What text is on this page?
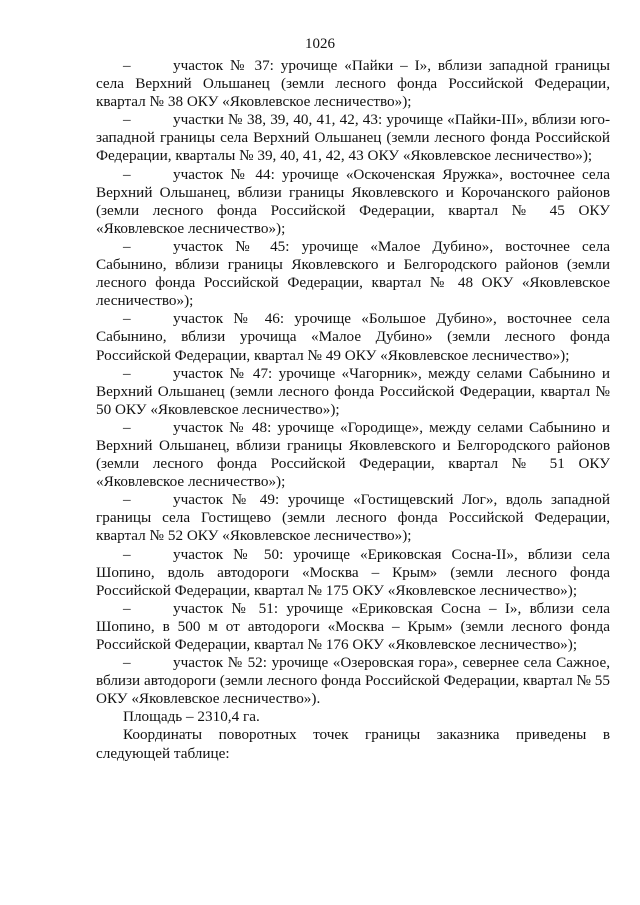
1026

–	участок № 37: урочище «Пайки – I», вблизи западной границы села Верхний Ольшанец (земли лесного фонда Российской Федерации, квартал № 38 ОКУ «Яковлевское лесничество»);

–	участки № 38, 39, 40, 41, 42, 43: урочище «Пайки-III», вблизи юго-западной границы села Верхний Ольшанец (земли лесного фонда Российской Федерации, кварталы № 39, 40, 41, 42, 43 ОКУ «Яковлевское лесничество»);

–	участок № 44: урочище «Оскоченская Яружка», восточнее села Верхний Ольшанец, вблизи границы Яковлевского и Корочанского районов (земли лесного фонда Российской Федерации, квартал № 45 ОКУ «Яковлевское лесничество»);

–	участок № 45: урочище «Малое Дубино», восточнее села Сабынино, вблизи границы Яковлевского и Белгородского районов (земли лесного фонда Российской Федерации, квартал № 48 ОКУ «Яковлевское лесничество»);

–	участок № 46: урочище «Большое Дубино», восточнее села Сабынино, вблизи урочища «Малое Дубино» (земли лесного фонда Российской Федерации, квартал № 49 ОКУ «Яковлевское лесничество»);

–	участок № 47: урочище «Чагорник», между селами Сабынино и Верхний Ольшанец (земли лесного фонда Российской Федерации, квартал № 50 ОКУ «Яковлевское лесничество»);

–	участок № 48: урочище «Городище», между селами Сабынино и Верхний Ольшанец, вблизи границы Яковлевского и Белгородского районов (земли лесного фонда Российской Федерации, квартал № 51 ОКУ «Яковлевское лесничество»);

–	участок № 49: урочище «Гостищевский Лог», вдоль западной границы села Гостищево (земли лесного фонда Российской Федерации, квартал № 52 ОКУ «Яковлевское лесничество»);

–	участок № 50: урочище «Ериковская Сосна-II», вблизи села Шопино, вдоль автодороги «Москва – Крым» (земли лесного фонда Российской Федерации, квартал № 175 ОКУ «Яковлевское лесничество»);

–	участок № 51: урочище «Ериковская Сосна – I», вблизи села Шопино, в 500 м от автодороги «Москва – Крым» (земли лесного фонда Российской Федерации, квартал № 176 ОКУ «Яковлевское лесничество»);

–	участок № 52: урочище «Озеровская гора», севернее села Сажное, вблизи автодороги (земли лесного фонда Российской Федерации, квартал № 55 ОКУ «Яковлевское лесничество»).

Площадь – 2310,4 га.

Координаты поворотных точек границы заказника приведены в следующей таблице:
